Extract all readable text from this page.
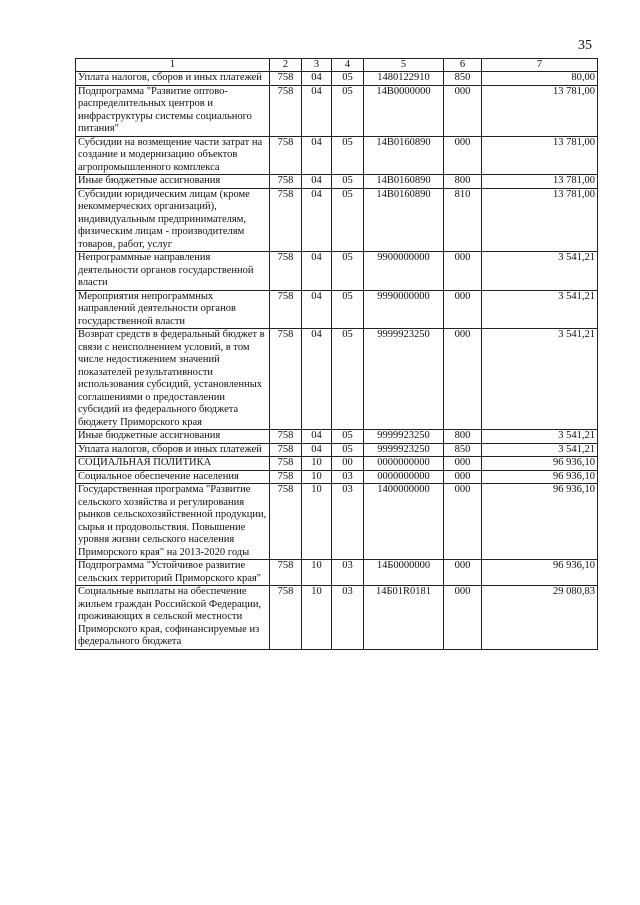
35
1	2	3	4	5	6	7
Уплата налогов, сборов и иных платежей	758	04	05	1480122910	850	80,00
Подпрограмма "Развитие оптово-распределительных центров и инфраструктуры системы социального питания"	758	04	05	14В0000000	000	13 781,00
Субсидии на возмещение части затрат на создание и модернизацию объектов агропромышленного комплекса	758	04	05	14В0160890	000	13 781,00
Иные бюджетные ассигнования	758	04	05	14В0160890	800	13 781,00
Субсидии юридическим лицам (кроме некоммерческих организаций), индивидуальным предпринимателям, физическим лицам - производителям товаров, работ, услуг	758	04	05	14В0160890	810	13 781,00
Непрограммные направления деятельности органов государственной власти	758	04	05	9900000000	000	3 541,21
Мероприятия непрограммных направлений деятельности органов государственной власти	758	04	05	9990000000	000	3 541,21
Возврат средств в федеральный бюджет в связи с неисполнением условий, в том числе недостижением значений показателей результативности использования субсидий, установленных соглашениями о предоставлении субсидий из федерального бюджета бюджету Приморского края	758	04	05	9999923250	000	3 541,21
Иные бюджетные ассигнования	758	04	05	9999923250	800	3 541,21
Уплата налогов, сборов и иных платежей	758	04	05	9999923250	850	3 541,21
СОЦИАЛЬНАЯ ПОЛИТИКА	758	10	00	0000000000	000	96 936,10
Социальное обеспечение населения	758	10	03	0000000000	000	96 936,10
Государственная программа "Развитие сельского хозяйства и регулирования рынков сельскохозяйственной продукции, сырья и продовольствия. Повышение уровня жизни сельского населения Приморского края" на 2013-2020 годы	758	10	03	1400000000	000	96 936,10
Подпрограмма "Устойчивое развитие сельских территорий Приморского края"	758	10	03	14Б0000000	000	96 936,10
Социальные выплаты на обеспечение жильем граждан Российской Федерации, проживающих в сельской местности Приморского края, софинансируемые из федерального бюджета	758	10	03	14Б01R0181	000	29 080,83
